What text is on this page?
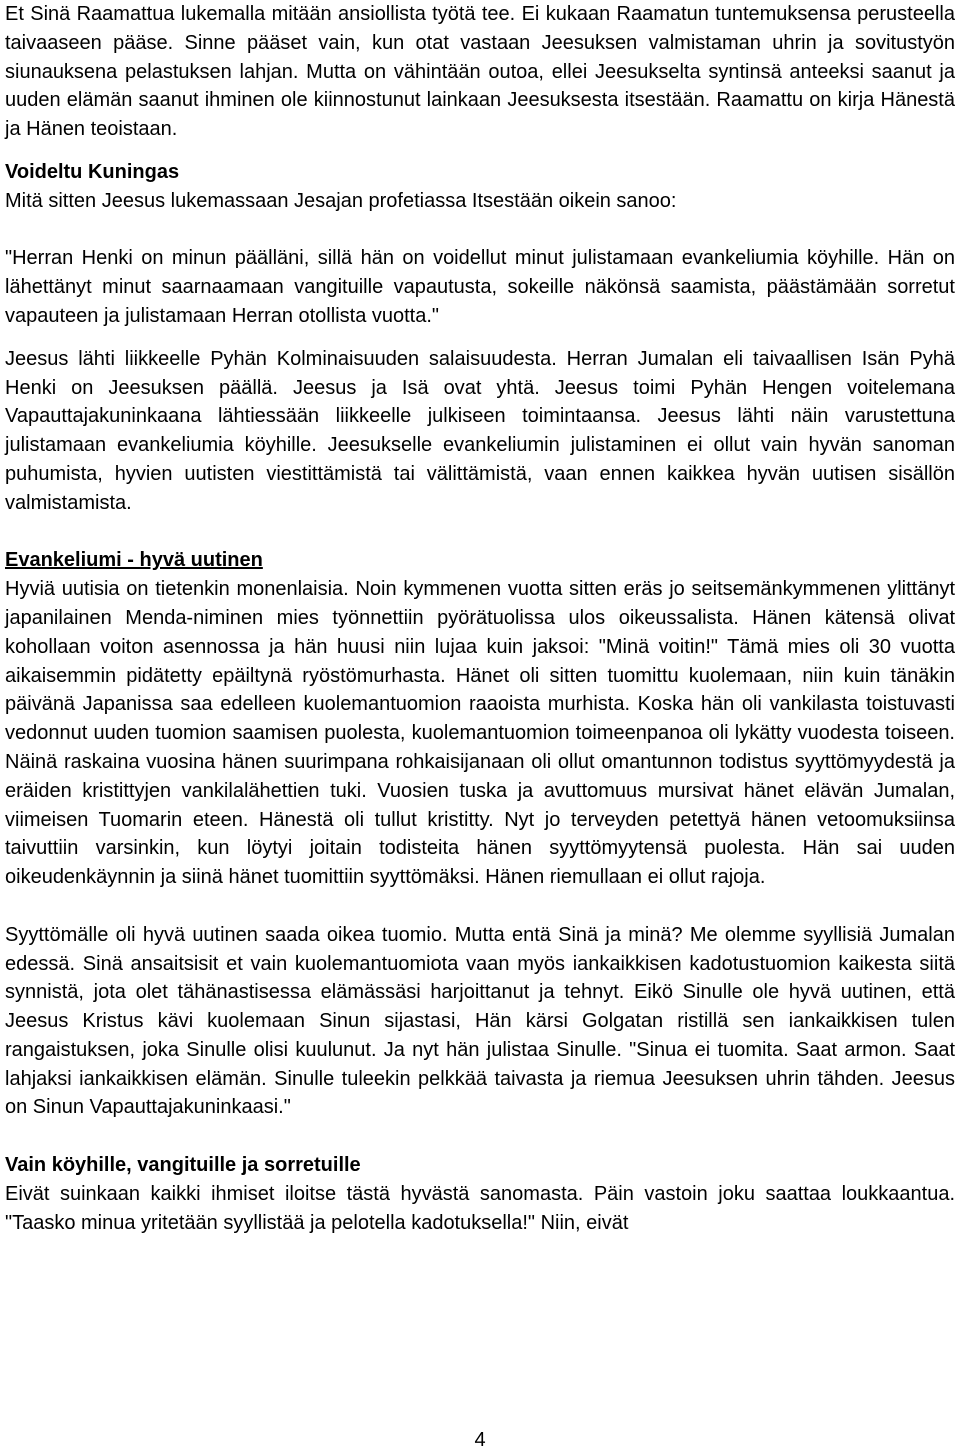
Et Sinä Raamattua lukemalla mitään ansiollista työtä tee. Ei kukaan Raamatun tuntemuksensa perusteella taivaaseen pääse. Sinne pääset vain, kun otat vastaan Jeesuksen valmistaman uhrin ja sovitustyön siunauksena pelastuksen lahjan. Mutta on vähintään outoa, ellei Jeesukselta syntinsä anteeksi saanut ja uuden elämän saanut ihminen ole kiinnostunut lainkaan Jeesuksesta itsestään. Raamattu on kirja Hänestä ja Hänen teoistaan.

Voideltu Kuningas

Mitä sitten Jeesus lukemassaan Jesajan profetiassa Itsestään oikein sanoo:

"Herran Henki on minun päälläni, sillä hän on voidellut minut julistamaan evankeliumia köyhille. Hän on lähettänyt minut saarnaamaan vangituille vapautusta, sokeille näkönsä saamista, päästämään sorretut vapauteen ja julistamaan Herran otollista vuotta."

Jeesus lähti liikkeelle Pyhän Kolminaisuuden salaisuudesta. Herran Jumalan eli taivaallisen Isän Pyhä Henki on Jeesuksen päällä. Jeesus ja Isä ovat yhtä. Jeesus toimi Pyhän Hengen voitelemana Vapauttajakuninkaana lähtiessään liikkeelle julkiseen toimintaansa. Jeesus lähti näin varustettuna julistamaan evankeliumia köyhille. Jeesukselle evankeliumin julistaminen ei ollut vain hyvän sanoman puhumista, hyvien uutisten viestittämistä tai välittämistä, vaan ennen kaikkea hyvän uutisen sisällön valmistamista.

Evankeliumi - hyvä uutinen

Hyviä uutisia on tietenkin monenlaisia. Noin kymmenen vuotta sitten eräs jo seitsemänkymmenen ylittänyt japanilainen Menda-niminen mies työnnettiin pyörätuolissa ulos oikeussalista. Hänen kätensä olivat kohollaan voiton asennossa ja hän huusi niin lujaa kuin jaksoi: "Minä voitin!" Tämä mies oli 30 vuotta aikaisemmin pidätetty epäiltynä ryöstömurhasta. Hänet oli sitten tuomittu kuolemaan, niin kuin tänäkin päivänä Japanissa saa edelleen kuolemantuomion raaoista murhista. Koska hän oli vankilasta toistuvasti vedonnut uuden tuomion saamisen puolesta, kuolemantuomion toimeenpanoa oli lykätty vuodesta toiseen. Näinä raskaina vuosina hänen suurimpana rohkaisijanaan oli ollut omantunnon todistus syyttömyydestä ja eräiden kristittyjen vankilalähettien tuki. Vuosien tuska ja avuttomuus mursivat hänet elävän Jumalan, viimeisen Tuomarin eteen. Hänestä oli tullut kristitty. Nyt jo terveyden petettyä hänen vetoomuksiinsa taivuttiin varsinkin, kun löytyi joitain todisteita hänen syyttömyytensä puolesta. Hän sai uuden oikeudenkäynnin ja siinä hänet tuomittiin syyttömäksi. Hänen riemullaan ei ollut rajoja.

Syyttömälle oli hyvä uutinen saada oikea tuomio. Mutta entä Sinä ja minä? Me olemme syyllisiä Jumalan edessä. Sinä ansaitsisit et vain kuolemantuomiota vaan myös iankaikkisen kadotustuomion kaikesta siitä synnistä, jota olet tähänastisessa elämässäsi harjoittanut ja tehnyt. Eikö Sinulle ole hyvä uutinen, että Jeesus Kristus kävi kuolemaan Sinun sijastasi, Hän kärsi Golgatan ristillä sen iankaikkisen tulen rangaistuksen, joka Sinulle olisi kuulunut. Ja nyt hän julistaa Sinulle. "Sinua ei tuomita. Saat armon. Saat lahjaksi iankaikkisen elämän. Sinulle tuleekin pelkkää taivasta ja riemua Jeesuksen uhrin tähden. Jeesus on Sinun Vapauttajakuninkaasi."

Vain köyhille, vangituille ja sorretuille

Eivät suinkaan kaikki ihmiset iloitse tästä hyvästä sanomasta. Päin vastoin joku saattaa loukkaantua. "Taasko minua yritetään syyllistää ja pelotella kadotuksella!" Niin, eivät

4
